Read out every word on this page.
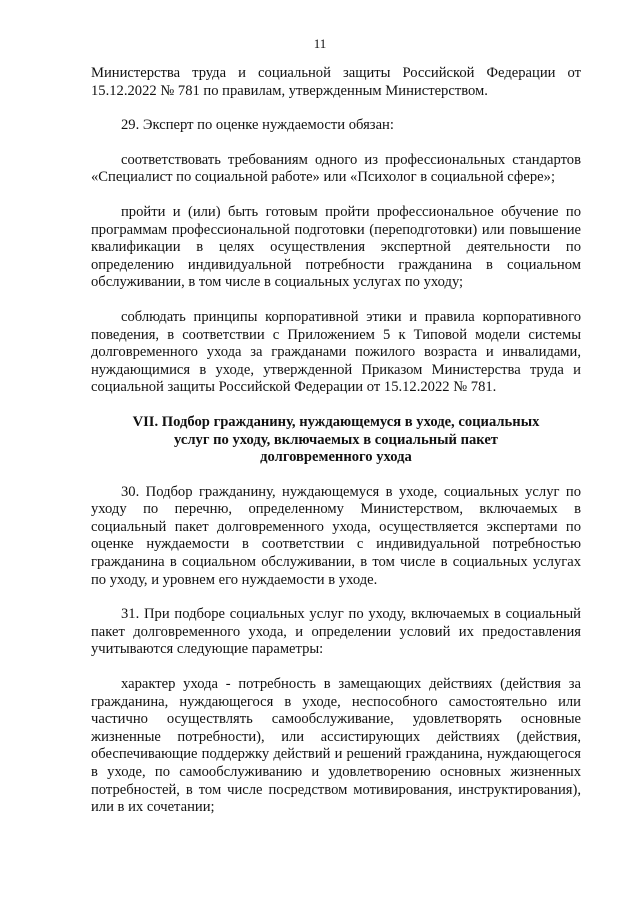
11

Министерства труда и социальной защиты Российской Федерации от 15.12.2022 № 781 по правилам, утвержденным Министерством.

29. Эксперт по оценке нуждаемости обязан:

соответствовать требованиям одного из профессиональных стандартов «Специалист по социальной работе» или «Психолог в социальной сфере»;

пройти и (или) быть готовым пройти профессиональное обучение по программам профессиональной подготовки (переподготовки) или повышение квалификации в целях осуществления экспертной деятельности по определению индивидуальной потребности гражданина в социальном обслуживании, в том числе в социальных услугах по уходу;

соблюдать принципы корпоративной этики и правила корпоративного поведения, в соответствии с Приложением 5 к Типовой модели системы долговременного ухода за гражданами пожилого возраста и инвалидами, нуждающимися в уходе, утвержденной Приказом Министерства труда и социальной защиты Российской Федерации от 15.12.2022 № 781.

VII. Подбор гражданину, нуждающемуся в уходе, социальных
услуг по уходу, включаемых в социальный пакет
долговременного ухода

30. Подбор гражданину, нуждающемуся в уходе, социальных услуг по уходу по перечню, определенному Министерством, включаемых в социальный пакет долговременного ухода, осуществляется экспертами по оценке нуждаемости в соответствии с индивидуальной потребностью гражданина в социальном обслуживании, в том числе в социальных услугах по уходу, и уровнем его нуждаемости в уходе.

31. При подборе социальных услуг по уходу, включаемых в социальный пакет долговременного ухода, и определении условий их предоставления учитываются следующие параметры:

характер ухода - потребность в замещающих действиях (действия за гражданина, нуждающегося в уходе, неспособного самостоятельно или частично осуществлять самообслуживание, удовлетворять основные жизненные потребности), или ассистирующих действиях (действия, обеспечивающие поддержку действий и решений гражданина, нуждающегося в уходе, по самообслуживанию и удовлетворению основных жизненных потребностей, в том числе посредством мотивирования, инструктирования), или в их сочетании;
